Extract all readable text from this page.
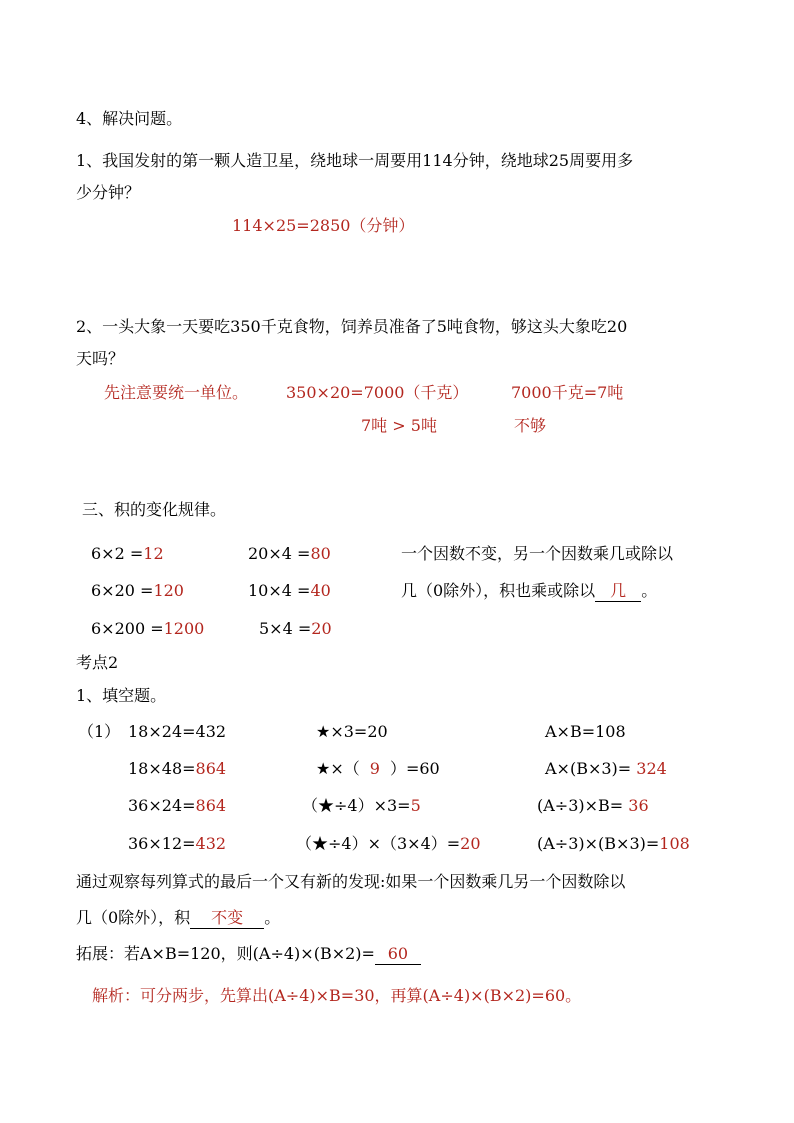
4、解决问题。
1、我国发射的第一颗人造卫星，绕地球一周要用114分钟，绕地球25周要用多
少分钟？
114×25=2850（分钟）
2、一头大象一天要吃350千克食物，饲养员准备了5吨食物，够这头大象吃20
天吗？
先注意要统一单位。 350×20=7000（千克）	7000千克=7吨
7吨 > 5吨	不够
三、积的变化规律。
6×2 =12
6×20 =120
6×200 =1200
20×4 =80
10×4 =40
5×4 =20
一个因数不变，另一个因数乘几或除以
几（0除外），积也乘或除以 几 。
考点2
1、填空题。
（1） 18×24=432
18×48=864
36×24=864
36×12=432
★×3=20
★×（ 9 ）=60
（★÷4）×3=5
（★÷4）×（3×4）=20
A×B=108
A×(B×3)= 324
(A÷3)×B= 36
(A÷3)×(B×3)=108
通过观察每列算式的最后一个又有新的发现:如果一个因数乘几另一个因数除以
几（0除外），积 不变 。
拓展：若A×B=120，则(A÷4)×(B×2)= 60
解析：可分两步，先算出(A÷4)×B=30，再算(A÷4)×(B×2)=60。
